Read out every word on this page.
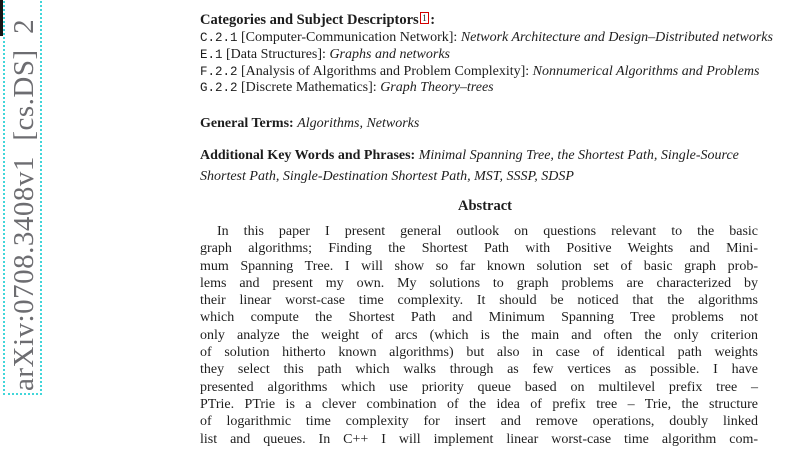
arXiv:0708.3408v1  [cs.DS]  2	Categories and Subject Descriptors 1 :
C.2.1 [Computer-Communication Network]: Network Architecture and Design–Distributed networks
E.1 [Data Structures]: Graphs and networks
F.2.2 [Analysis of Algorithms and Problem Complexity]: Nonnumerical Algorithms and Problems
G.2.2 [Discrete Mathematics]: Graph Theory–trees
General Terms: Algorithms, Networks
Additional Key Words and Phrases: Minimal Spanning Tree, the Shortest Path, Single-Source
Shortest Path, Single-Destination Shortest Path, MST, SSSP, SDSP
Abstract
In this paper I present general outlook on questions relevant to the basic
graph algorithms; Finding the Shortest Path with Positive Weights and Mini-
mum Spanning Tree. I will show so far known solution set of basic graph prob-
lems and present my own. My solutions to graph problems are characterized by
their linear worst-case time complexity. It should be noticed that the algorithms
which compute the Shortest Path and Minimum Spanning Tree problems not
only analyze the weight of arcs (which is the main and often the only criterion
of solution hitherto known algorithms) but also in case of identical path weights
they select this path which walks through as few vertices as possible. I have
presented algorithms which use priority queue based on multilevel prefix tree –
PTrie. PTrie is a clever combination of the idea of prefix tree – Trie, the structure
of logarithmic time complexity for insert and remove operations, doubly linked
list and queues. In C++ I will implement linear worst-case time algorithm com-
